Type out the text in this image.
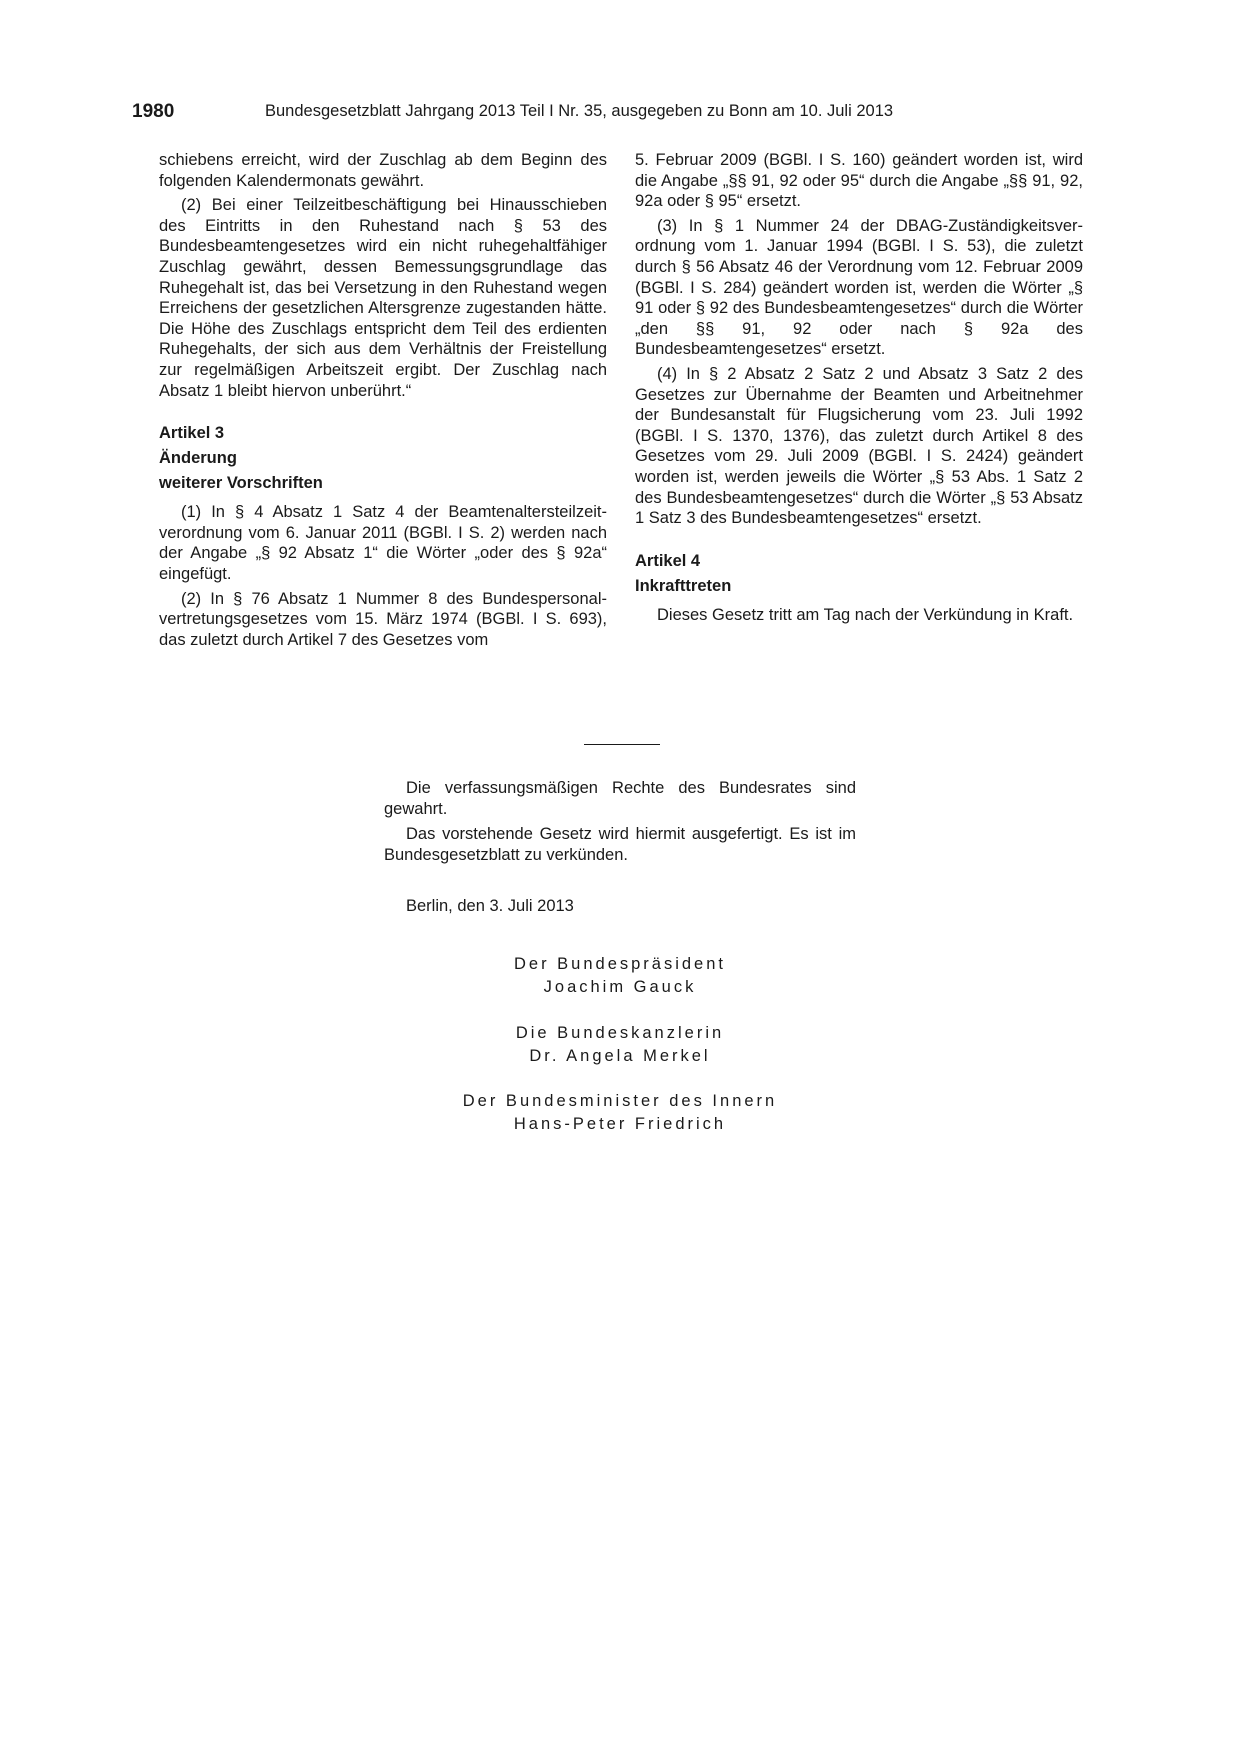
1980	Bundesgesetzblatt Jahrgang 2013 Teil I Nr. 35, ausgegeben zu Bonn am 10. Juli 2013

schiebens erreicht, wird der Zuschlag ab dem Beginn des folgenden Kalendermonats gewährt.

(2) Bei einer Teilzeitbeschäftigung bei Hinausschieben des Eintritts in den Ruhestand nach § 53 des Bundesbeamtengesetzes wird ein nicht ruhegehaltfähiger Zuschlag gewährt, dessen Bemessungsgrundlage das Ruhegehalt ist, das bei Versetzung in den Ruhestand wegen Erreichens der gesetzlichen Altersgrenze zugestanden hätte. Die Höhe des Zuschlags entspricht dem Teil des erdienten Ruhegehalts, der sich aus dem Verhältnis der Freistellung zur regelmäßigen Arbeitszeit ergibt. Der Zuschlag nach Absatz 1 bleibt hiervon unberührt.“

Artikel 3

Änderung

weiterer Vorschriften

(1) In § 4 Absatz 1 Satz 4 der Beamtenaltersteilzeitverordnung vom 6. Januar 2011 (BGBl. I S. 2) werden nach der Angabe „§ 92 Absatz 1“ die Wörter „oder des § 92a“ eingefügt.

(2) In § 76 Absatz 1 Nummer 8 des Bundespersonalvertretungsgesetzes vom 15. März 1974 (BGBl. I S. 693), das zuletzt durch Artikel 7 des Gesetzes vom

5. Februar 2009 (BGBl. I S. 160) geändert worden ist, wird die Angabe „§§ 91, 92 oder 95“ durch die Angabe „§§ 91, 92, 92a oder § 95“ ersetzt.

(3) In § 1 Nummer 24 der DBAG-Zuständigkeitsverordnung vom 1. Januar 1994 (BGBl. I S. 53), die zuletzt durch § 56 Absatz 46 der Verordnung vom 12. Februar 2009 (BGBl. I S. 284) geändert worden ist, werden die Wörter „§ 91 oder § 92 des Bundesbeamtengesetzes“ durch die Wörter „den §§ 91, 92 oder nach § 92a des Bundesbeamtengesetzes“ ersetzt.

(4) In § 2 Absatz 2 Satz 2 und Absatz 3 Satz 2 des Gesetzes zur Übernahme der Beamten und Arbeitnehmer der Bundesanstalt für Flugsicherung vom 23. Juli 1992 (BGBl. I S. 1370, 1376), das zuletzt durch Artikel 8 des Gesetzes vom 29. Juli 2009 (BGBl. I S. 2424) geändert worden ist, werden jeweils die Wörter „§ 53 Abs. 1 Satz 2 des Bundesbeamtengesetzes“ durch die Wörter „§ 53 Absatz 1 Satz 3 des Bundesbeamtengesetzes“ ersetzt.

Artikel 4

Inkrafttreten

Dieses Gesetz tritt am Tag nach der Verkündung in Kraft.

Die verfassungsmäßigen Rechte des Bundesrates sind gewahrt.

Das vorstehende Gesetz wird hiermit ausgefertigt. Es ist im Bundesgesetzblatt zu verkünden.

Berlin, den 3. Juli 2013

Der Bundespräsident
Joachim Gauck
Die Bundeskanzlerin
Dr. Angela Merkel
Der Bundesminister des Innern
Hans-Peter Friedrich
